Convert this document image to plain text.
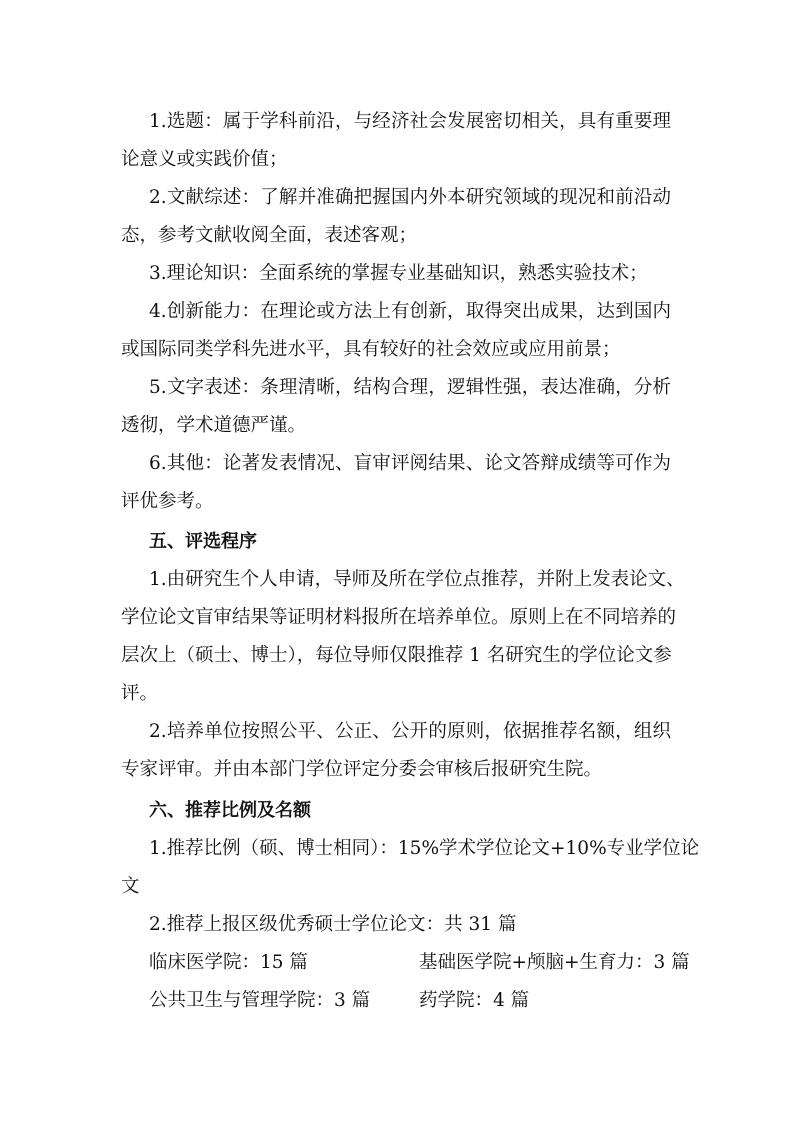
1.选题：属于学科前沿，与经济社会发展密切相关，具有重要理
论意义或实践价值；
2.文献综述：了解并准确把握国内外本研究领域的现况和前沿动
态，参考文献收阅全面，表述客观；
3.理论知识：全面系统的掌握专业基础知识，熟悉实验技术；
4.创新能力：在理论或方法上有创新，取得突出成果，达到国内
或国际同类学科先进水平，具有较好的社会效应或应用前景；
5.文字表述：条理清晰，结构合理，逻辑性强，表达准确，分析
透彻，学术道德严谨。
6.其他：论著发表情况、盲审评阅结果、论文答辩成绩等可作为
评优参考。
五、评选程序
1.由研究生个人申请，导师及所在学位点推荐，并附上发表论文、
学位论文盲审结果等证明材料报所在培养单位。原则上在不同培养的
层次上（硕士、博士），每位导师仅限推荐 1 名研究生的学位论文参
评。
2.培养单位按照公平、公正、公开的原则，依据推荐名额，组织
专家评审。并由本部门学位评定分委会审核后报研究生院。
六、推荐比例及名额
1.推荐比例（硕、博士相同）：15%学术学位论文+10%专业学位论
文
2.推荐上报区级优秀硕士学位论文：共 31 篇
临床医学院：15 篇	基础医学院+颅脑+生育力：3 篇
公共卫生与管理学院：3 篇	药学院：4 篇
